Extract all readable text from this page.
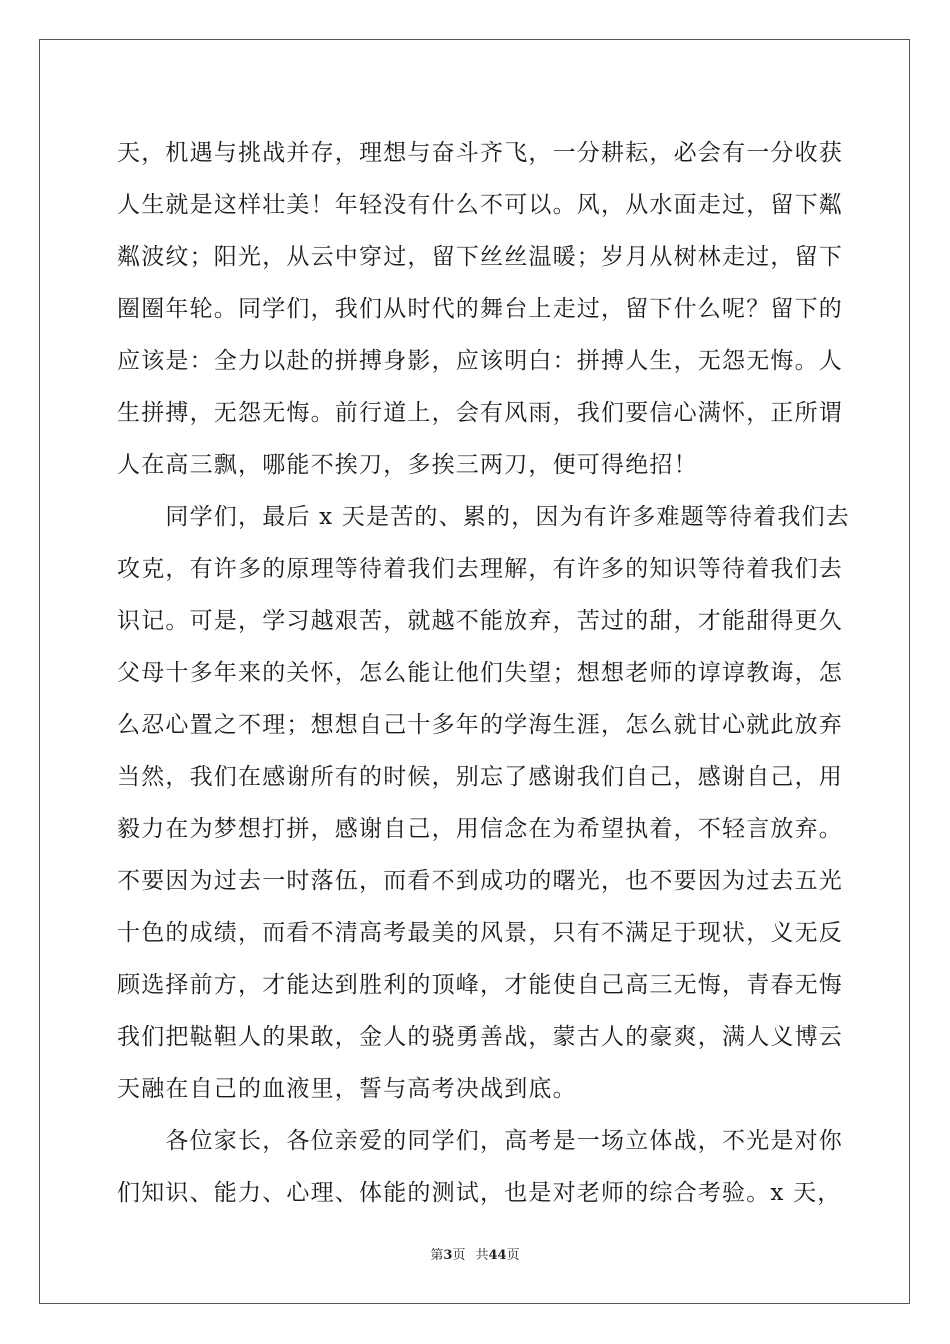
天，机遇与挑战并存，理想与奋斗齐飞，一分耕耘，必会有一分收获
人生就是这样壮美！年轻没有什么不可以。风，从水面走过，留下粼
粼波纹；阳光，从云中穿过，留下丝丝温暖；岁月从树林走过，留下
圈圈年轮。同学们，我们从时代的舞台上走过，留下什么呢？留下的
应该是：全力以赴的拼搏身影，应该明白：拼搏人生，无怨无悔。人
生拼搏，无怨无悔。前行道上，会有风雨，我们要信心满怀，正所谓
人在高三飘，哪能不挨刀，多挨三两刀，便可得绝招！
　　同学们，最后 x 天是苦的、累的，因为有许多难题等待着我们去
攻克，有许多的原理等待着我们去理解，有许多的知识等待着我们去
识记。可是，学习越艰苦，就越不能放弃，苦过的甜，才能甜得更久
父母十多年来的关怀，怎么能让他们失望；想想老师的谆谆教诲，怎
么忍心置之不理；想想自己十多年的学海生涯，怎么就甘心就此放弃
当然，我们在感谢所有的时候，别忘了感谢我们自己，感谢自己，用
毅力在为梦想打拼，感谢自己，用信念在为希望执着，不轻言放弃。
不要因为过去一时落伍，而看不到成功的曙光，也不要因为过去五光
十色的成绩，而看不清高考最美的风景，只有不满足于现状，义无反
顾选择前方，才能达到胜利的顶峰，才能使自己高三无悔，青春无悔
我们把鞑靼人的果敢，金人的骁勇善战，蒙古人的豪爽，满人义博云
天融在自己的血液里，誓与高考决战到底。
　　各位家长，各位亲爱的同学们，高考是一场立体战，不光是对你
们知识、能力、心理、体能的测试，也是对老师的综合考验。x 天，
第3页 共44页
